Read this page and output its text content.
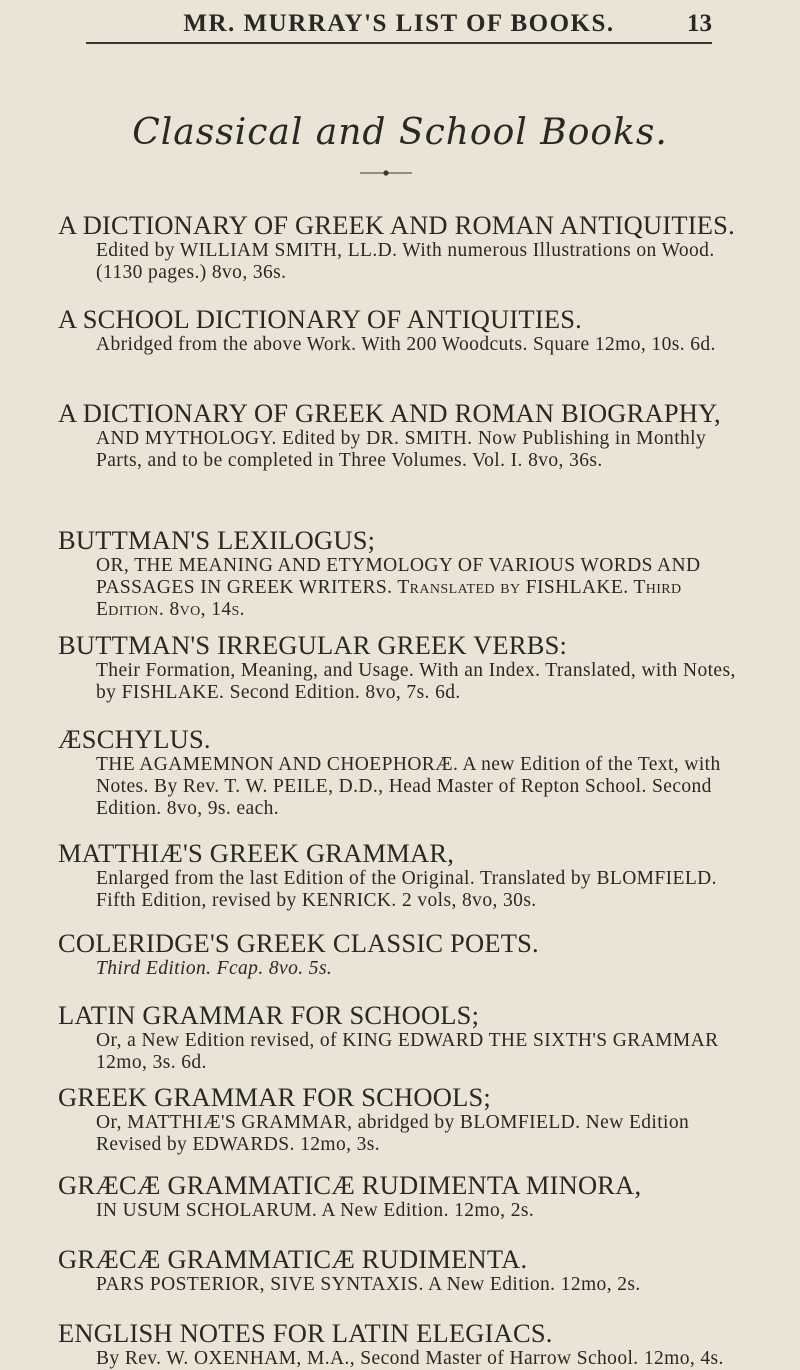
MR. MURRAY'S LIST OF BOOKS.	13
Classical and School Books.
A DICTIONARY OF GREEK AND ROMAN ANTIQUITIES.
Edited by WILLIAM SMITH, LL.D. With numerous Illustrations on Wood. (1130 pages.) 8vo, 36s.
A SCHOOL DICTIONARY OF ANTIQUITIES.
Abridged from the above Work. With 200 Woodcuts. Square 12mo, 10s. 6d.
A DICTIONARY OF GREEK AND ROMAN BIOGRAPHY,
AND MYTHOLOGY. Edited by DR. SMITH. Now Publishing in Monthly Parts, and to be completed in Three Volumes. Vol. I. 8vo, 36s.
BUTTMAN'S LEXILOGUS;
OR, THE MEANING AND ETYMOLOGY OF VARIOUS WORDS AND PASSAGES IN GREEK WRITERS. Translated by FISHLAKE. Third Edition. 8vo, 14s.
BUTTMAN'S IRREGULAR GREEK VERBS:
Their Formation, Meaning, and Usage. With an Index. Translated, with Notes, by FISHLAKE. Second Edition. 8vo, 7s. 6d.
ÆSCHYLUS.
THE AGAMEMNON AND CHOEPHORÆ. A new Edition of the Text, with Notes. By Rev. T. W. PEILE, D.D., Head Master of Repton School. Second Edition. 8vo, 9s. each.
MATTHIÆ'S GREEK GRAMMAR,
Enlarged from the last Edition of the Original. Translated by BLOMFIELD. Fifth Edition, revised by KENRICK. 2 vols, 8vo, 30s.
COLERIDGE'S GREEK CLASSIC POETS.
Third Edition. Fcap. 8vo. 5s.
LATIN GRAMMAR FOR SCHOOLS;
Or, a New Edition revised, of KING EDWARD THE SIXTH'S GRAMMAR 12mo, 3s. 6d.
GREEK GRAMMAR FOR SCHOOLS;
Or, MATTHIÆ'S GRAMMAR, abridged by BLOMFIELD. New Edition Revised by EDWARDS. 12mo, 3s.
GRÆCÆ GRAMMATICÆ RUDIMENTA MINORA,
IN USUM SCHOLARUM. A New Edition. 12mo, 2s.
GRÆCÆ GRAMMATICÆ RUDIMENTA.
PARS POSTERIOR, SIVE SYNTAXIS. A New Edition. 12mo, 2s.
ENGLISH NOTES FOR LATIN ELEGIACS.
By Rev. W. OXENHAM, M.A., Second Master of Harrow School. 12mo, 4s.
